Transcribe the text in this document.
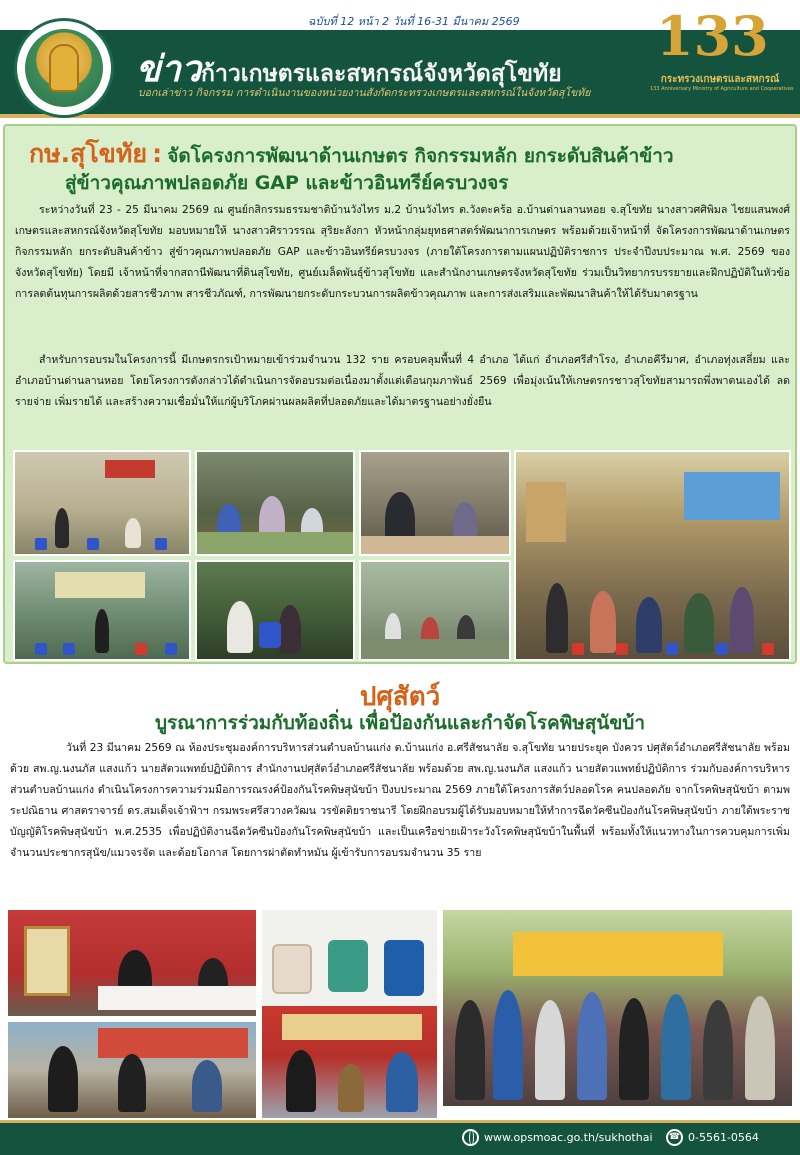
ฉบับที่ 12 หน้า 2 วันที่ 16-31 มีนาคม 2569
ข่าวก้าวเกษตรและสหกรณ์จังหวัดสุโขทัย
บอกเล่าข่าว กิจกรรม การดำเนินงานของหน่วยงานสังกัดกระทรวงเกษตรและสหกรณ์ในจังหวัดสุโขทัย
133
กระทรวงเกษตรและสหกรณ์
133 Anniversary Ministry of Agriculture and Cooperatives
กษ.สุโขทัย : จัดโครงการพัฒนาด้านเกษตร กิจกรรมหลัก ยกระดับสินค้าข้าว
สู่ข้าวคุณภาพปลอดภัย GAP และข้าวอินทรีย์ครบวงจร

ระหว่างวันที่ 23 - 25 มีนาคม 2569 ณ ศูนย์กสิกรรมธรรมชาติบ้านวังไทร ม.2 บ้านวังไทร ต.วังตะคร้อ อ.บ้านด่านลานหอย จ.สุโขทัย นางสาวศศิพิมล ไชยแสนพงศ์ เกษตรและสหกรณ์จังหวัดสุโขทัย มอบหมายให้ นางสาวศิราวรรณ สุริยะลังกา หัวหน้ากลุ่มยุทธศาสตร์พัฒนาการเกษตร พร้อมด้วยเจ้าหน้าที่ จัดโครงการพัฒนาด้านเกษตร กิจกรรมหลัก ยกระดับสินค้าข้าว สู่ข้าวคุณภาพปลอดภัย GAP และข้าวอินทรีย์ครบวงจร (ภายใต้โครงการตามแผนปฏิบัติราชการ ประจำปีงบประมาณ พ.ศ. 2569 ของจังหวัดสุโขทัย) โดยมี เจ้าหน้าที่จากสถานีพัฒนาที่ดินสุโขทัย, ศูนย์เมล็ดพันธุ์ข้าวสุโขทัย และสำนักงานเกษตรจังหวัดสุโขทัย ร่วมเป็นวิทยากรบรรยายและฝึกปฏิบัติในหัวข้อการลดต้นทุนการผลิตด้วยสารชีวภาพ สารชีวภัณฑ์, การพัฒนายกระดับกระบวนการผลิตข้าวคุณภาพ และการส่งเสริมและพัฒนาสินค้าให้ได้รับมาตรฐาน

สำหรับการอบรมในโครงการนี้ มีเกษตรกรเป้าหมายเข้าร่วมจำนวน 132 ราย ครอบคลุมพื้นที่ 4 อำเภอ ได้แก่ อำเภอศรีสำโรง, อำเภอคีรีมาศ, อำเภอทุ่งเสลี่ยม และอำเภอบ้านด่านลานหอย โดยโครงการดังกล่าวได้ดำเนินการจัดอบรมต่อเนื่องมาตั้งแต่เดือนกุมภาพันธ์ 2569 เพื่อมุ่งเน้นให้เกษตรกรชาวสุโขทัยสามารถพึ่งพาตนเองได้ ลดรายจ่าย เพิ่มรายได้ และสร้างความเชื่อมั่นให้แก่ผู้บริโภคผ่านผลผลิตที่ปลอดภัยและได้มาตรฐานอย่างยั่งยืน

ปศุสัตว์
บูรณาการร่วมกับท้องถิ่น เพื่อป้องกันและกำจัดโรคพิษสุนัขบ้า

วันที่ 23 มีนาคม 2569 ณ ห้องประชุมองค์การบริหารส่วนตำบลบ้านแก่ง ต.บ้านแก่ง อ.ศรีสัชนาลัย จ.สุโขทัย นายประยุค บังควร ปศุสัตว์อำเภอศรีสัชนาลัย พร้อมด้วย สพ.ญ.นงนภัส แสงแก้ว นายสัตวแพทย์ปฏิบัติการ สำนักงานปศุสัตว์อำเภอศรีสัชนาลัย พร้อมด้วย สพ.ญ.นงนภัส แสงแก้ว นายสัตวแพทย์ปฏิบัติการ ร่วมกับองค์การบริหารส่วนตำบลบ้านแก่ง ดำเนินโครงการความร่วมมือการรณรงค์ป้องกันโรคพิษสุนัขบ้า ปีงบประมาณ 2569 ภายใต้โครงการสัตว์ปลอดโรค คนปลอดภัย จากโรคพิษสุนัขบ้า ตามพระปณิธาน ศาสตราจารย์ ดร.สมเด็จเจ้าฟ้าฯ กรมพระศรีสวางควัฒน วรขัตติยราชนารี โดยฝึกอบรมผู้ได้รับมอบหมายให้ทำการฉีดวัคซีนป้องกันโรคพิษสุนัขบ้า ภายใต้พระราชบัญญัติโรคพิษสุนัขบ้า พ.ศ.2535 เพื่อปฏิบัติงานฉีดวัคซีนป้องกันโรคพิษสุนัขบ้า และเป็นเครือข่ายเฝ้าระวังโรคพิษสุนัขบ้าในพื้นที่ พร้อมทั้งให้แนวทางในการควบคุมการเพิ่มจำนวนประชากรสุนัข/แมวจรจัด และด้อยโอกาส โดยการผ่าตัดทำหมัน ผู้เข้ารับการอบรมจำนวน 35 ราย

www.opsmoac.go.th/sukhothai	☎ 0-5561-0564
